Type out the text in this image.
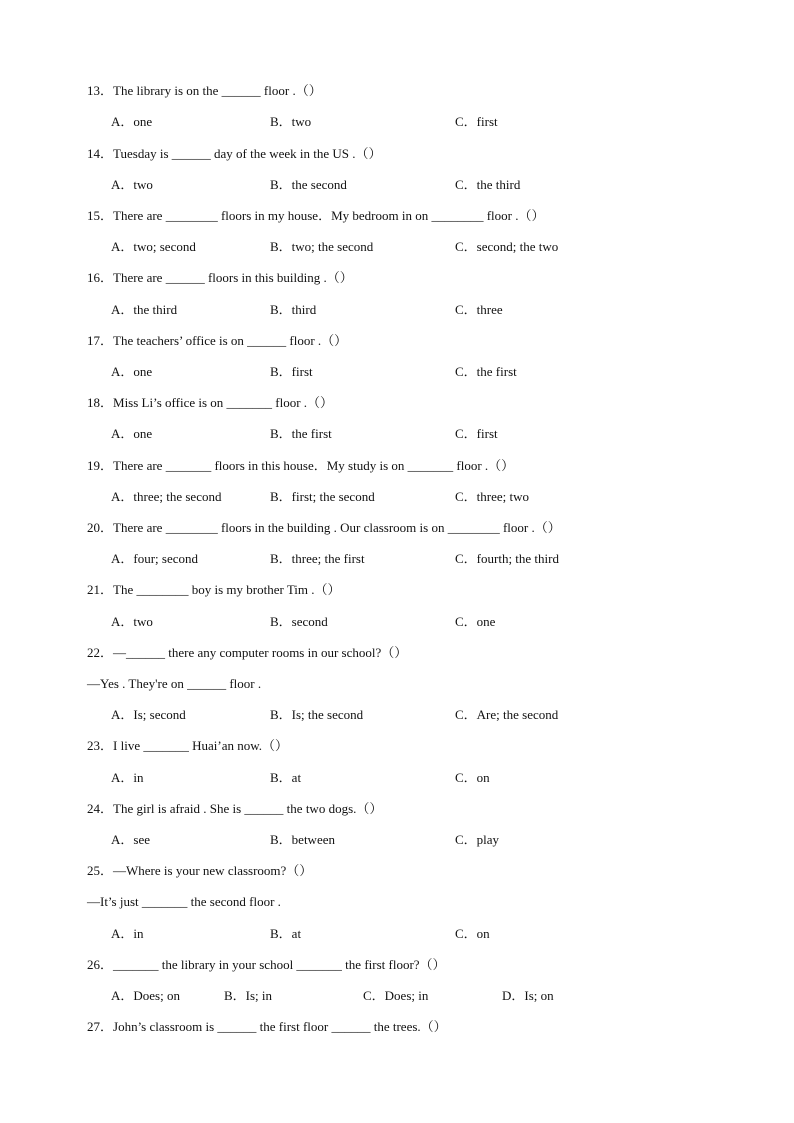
13．The library is on the ______ floor .（）
A．one	B．two	C．first
14．Tuesday is ______ day of the week in the US .（）
A．two	B．the second	C．the third
15．There are ________ floors in my house．My bedroom in on ________ floor .（）
A．two; second	B．two; the second	C．second; the two
16．There are ______ floors in this building .（）
A．the third	B．third	C．three
17．The teachers’ office is on ______ floor .（）
A．one	B．first	C．the first
18．Miss Li’s office is on _______ floor .（）
A．one	B．the first	C．first
19．There are _______ floors in this house．My study is on _______ floor .（）
A．three; the second	B．first; the second	C．three; two
20．There are ________ floors in the building . Our classroom is on ________ floor .（）
A．four; second	B．three; the first	C．fourth; the third
21．The ________ boy is my brother Tim .（）
A．two	B．second	C．one
22．—______ there any computer rooms in our school?（）
—Yes . They're on ______ floor .
A．Is; second	B．Is; the second	C．Are; the second
23．I live _______ Huai’an now.（）
A．in	B．at	C．on
24．The girl is afraid . She is ______ the two dogs.（）
A．see	B．between	C．play
25．—Where is your new classroom?（）
—It’s just _______ the second floor .
A．in	B．at	C．on
26．_______ the library in your school _______ the first floor?（）
A．Does; on	B．Is; in	C．Does; in	D．Is; on
27．John’s classroom is ______ the first floor ______ the trees.（）
